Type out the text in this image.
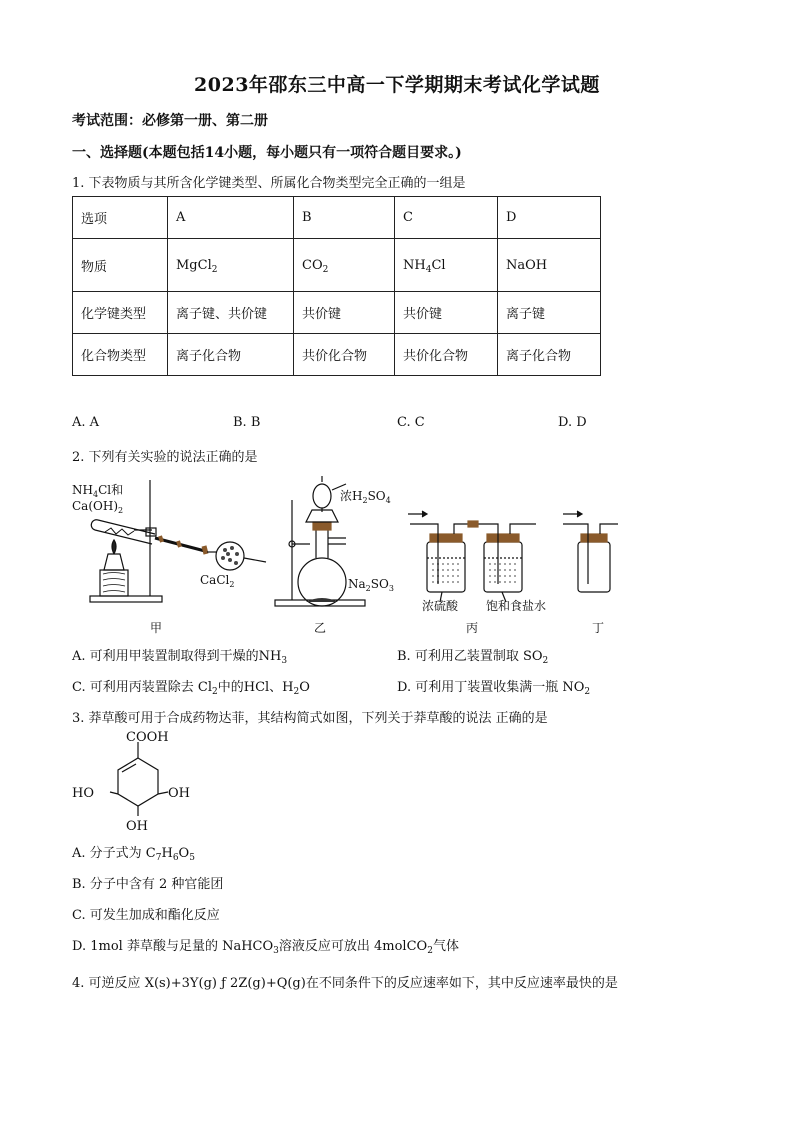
2023年邵东三中高一下学期期末考试化学试题
考试范围：必修第一册、第二册
一、选择题(本题包括14小题，每小题只有一项符合题目要求。)
1. 下表物质与其所含化学键类型、所属化合物类型完全正确的一组是
选项	A	B	C	D
物质	MgCl$_2$	$CO_2$	$NH_4Cl$	NaOH
化学键类型	离子键、共价键	共价键	共价键	离子键
化合物类型	离子化合物	共价化合物	共价化合物	离子化合物
A. A	B. B	C. C	D. D
2. 下列有关实验的说法正确的是
$NH_4Cl$和
$Ca(OH)_2$
CaCl$_2$
浓$H_2SO_4$
$Na_2SO_3$
浓硫酸 饱和食盐水
甲	乙	丙	丁
A. 可利用甲装置制取得到干燥的$NH_3$	B. 可利用乙装置制取 $SO_2$
C. 可利用丙装置除去 $Cl_2$中的HCl、$H_2O$	D. 可利用丁装置收集满一瓶 $NO_2$
3. 莽草酸可用于合成药物达菲，其结构简式如图，下列关于莽草酸的说法 正确的是
COOH
HO	OH
OH
A. 分子式为 $C_7H_6O_5$
B. 分子中含有 2 种官能团
C. 可发生加成和酯化反应
D. 1mol 莽草酸与足量的 NaHCO$_3$溶液反应可放出 4molCO$_2$气体
4. 可逆反应 X(s)+3Y(g) ƒ 2Z(g)+Q(g)在不同条件下的反应速率如下，其中反应速率最快的是
